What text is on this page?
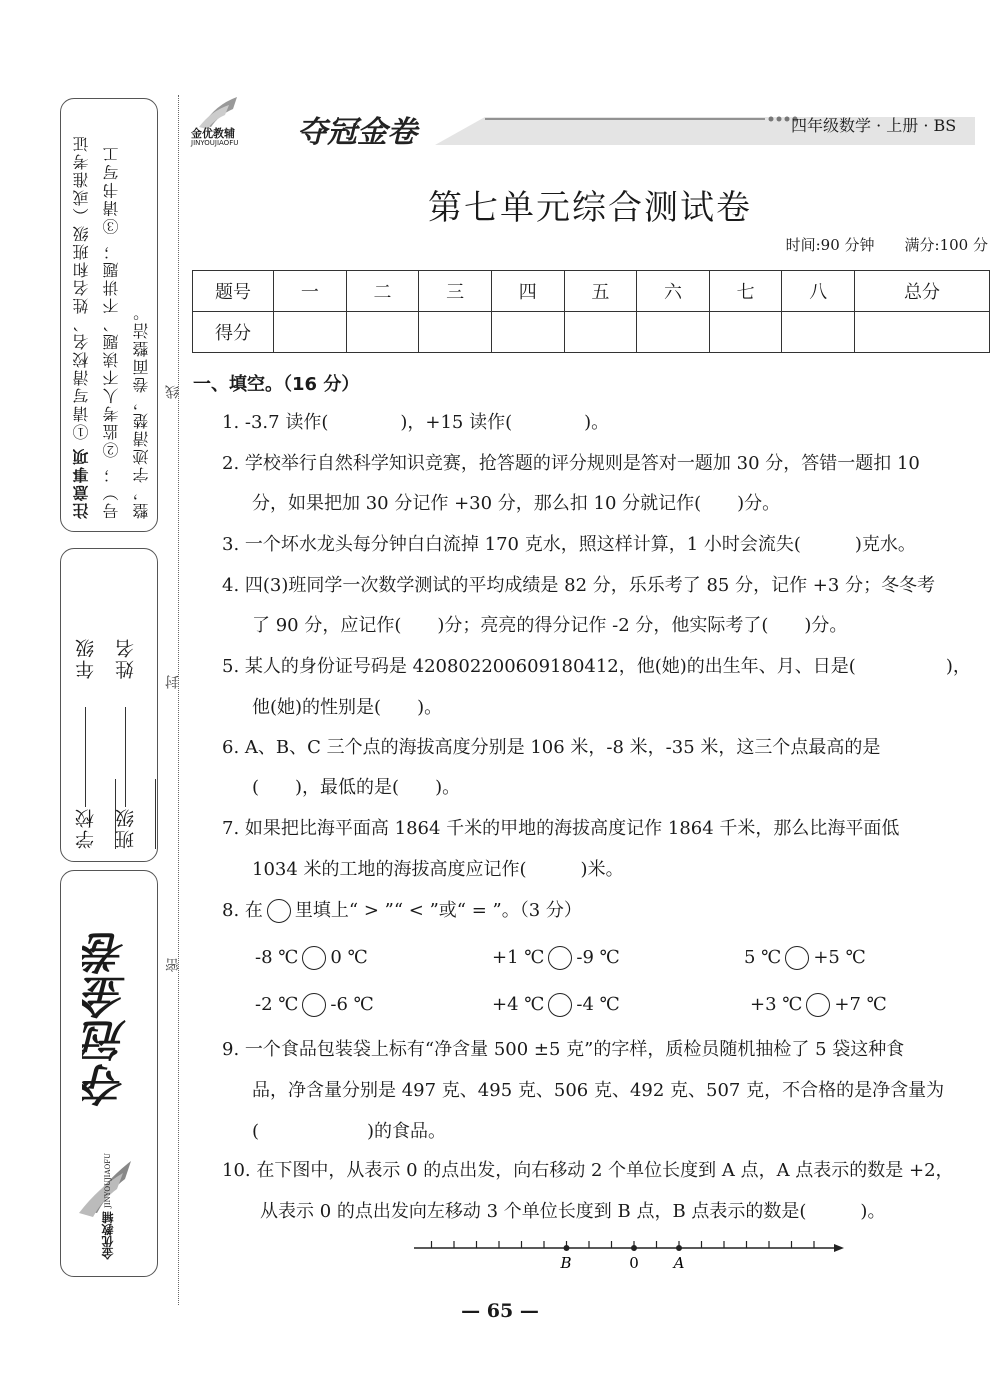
注意事项 ①请写清校名、姓名和班级（或准考证号）； ②监考人不读题、不讲题； ③请书写工整，字迹清楚，卷面整洁。
学校 年级
班级 姓名
夺冠金卷
金优教辅 JINYOUJIAOFU
线
封
密
金优教辅
JINYOUJIAOFU 夺冠金卷	四年级数学 · 上册 · BS
第七单元综合测试卷
时间:90 分钟　　满分:100 分
题号	一	二	三	四	五	六	七	八	总分
得分									
一、填空。（16 分）
1. -3.7 读作(　　　　)，+15 读作(　　　　)。
2. 学校举行自然科学知识竞赛，抢答题的评分规则是答对一题加 30 分，答错一题扣 10
分，如果把加 30 分记作 +30 分，那么扣 10 分就记作(　　)分。
3. 一个坏水龙头每分钟白白流掉 170 克水，照这样计算，1 小时会流失(　　　)克水。
4. 四(3)班同学一次数学测试的平均成绩是 82 分，乐乐考了 85 分，记作 +3 分；冬冬考
了 90 分，应记作(　　)分；亮亮的得分记作 -2 分，他实际考了(　　)分。
5. 某人的身份证号码是 420802200609180412，他(她)的出生年、月、日是(　　　　　)，
他(她)的性别是(　　)。
6. A、B、C 三个点的海拔高度分别是 106 米，-8 米，-35 米，这三个点最高的是
(　　)，最低的是(　　)。
7. 如果把比海平面高 1864 千米的甲地的海拔高度记作 1864 千米，那么比海平面低
1034 米的工地的海拔高度应记作(　　　)米。
8. 在 里填上“ > ”“ < ”或“ = ”。（3 分）
-8 ℃ 0 ℃	+1 ℃ -9 ℃	5 ℃ +5 ℃
-2 ℃ -6 ℃	+4 ℃ -4 ℃	+3 ℃ +7 ℃
9. 一个食品包装袋上标有“净含量 500 ±5 克”的字样，质检员随机抽检了 5 袋这种食
品，净含量分别是 497 克、495 克、506 克、492 克、507 克，不合格的是净含量为
(　　　　　　)的食品。
10. 在下图中，从表示 0 的点出发，向右移动 2 个单位长度到 A 点，A 点表示的数是 +2，
从表示 0 的点出发向左移动 3 个单位长度到 B 点，B 点表示的数是(　　　)。
B	0 A
— 65 —
